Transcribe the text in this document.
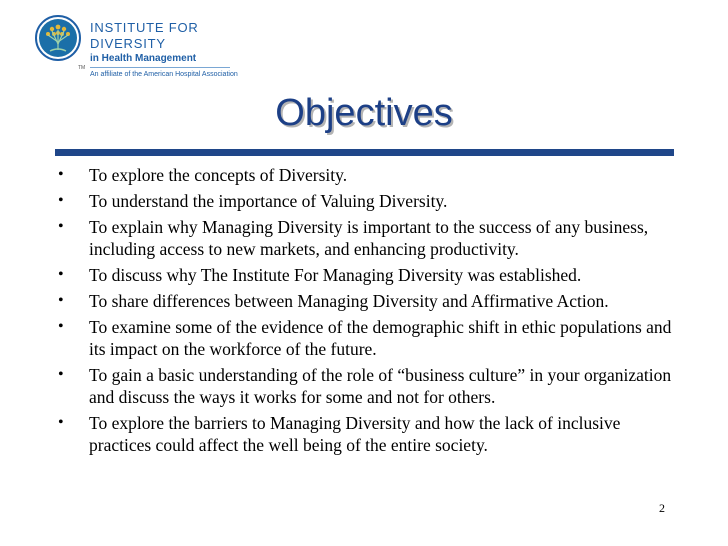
TM
INSTITUTE FOR DIVERSITY
in Health Management
An affiliate of the American Hospital Association
Objectives
• To explore the concepts of Diversity.
• To understand the importance of Valuing Diversity.
• To explain why Managing Diversity is important to the success of any business, including access to new markets, and enhancing productivity.
• To discuss why The Institute For Managing Diversity was established.
• To share differences between Managing Diversity and Affirmative Action.
• To examine some of the evidence of the demographic shift in ethic populations and its impact on the workforce of the future.
• To gain a basic understanding of the role of “business culture” in your organization and discuss the ways it works for some and not for others.
• To explore the barriers to Managing Diversity and how the lack of inclusive practices could affect the well being of the entire society.
2
